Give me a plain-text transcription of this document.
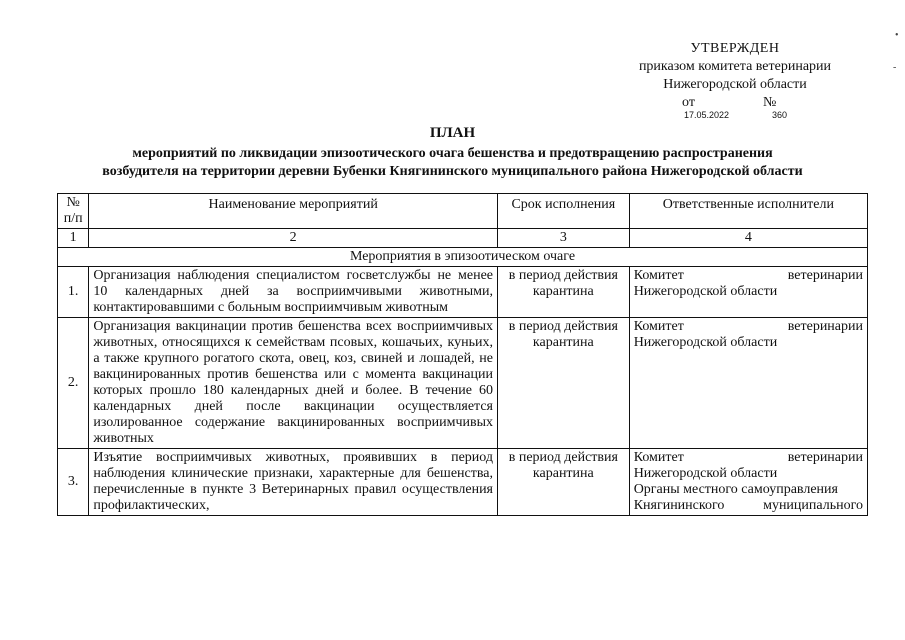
УТВЕРЖДЕН
приказом комитета ветеринарии
Нижегородской области
от	№
17.05.2022	360
ПЛАН
мероприятий по ликвидации эпизоотического очага бешенства и предотвращению распространения
возбудителя на территории деревни Бубенки Княгининского муниципального района Нижегородской области
№ п/п	Наименование мероприятий	Срок исполнения	Ответственные исполнители
1	2	3	4
Мероприятия в эпизоотическом очаге			
1.	Организация наблюдения специалистом госветслужбы не менее 10 календарных дней за восприимчивыми животными, контактировавшими с больным восприимчивым животным	в период действия карантина	Комитет ветеринарии
Нижегородской области

2.	Организация вакцинации против бешенства всех восприимчивых животных, относящихся к семействам псовых, кошачьих, куньих, а также крупного рогатого скота, овец, коз, свиней и лошадей, не вакцинированных против бешенства или с момента вакцинации которых прошло 180 календарных дней и более. В течение 60 календарных дней после вакцинации осуществляется изолированное содержание вакцинированных восприимчивых животных	в период действия карантина	Комитет ветеринарии
Нижегородской области

3.	Изъятие восприимчивых животных, проявивших в период наблюдения клинические признаки, характерные для бешенства, перечисленные в пункте 3 Ветеринарных правил осуществления профилактических,	в период действия карантина	Комитет ветеринарии
Нижегородской области
Органы местного самоуправления
Княгининского муниципального
•
-
